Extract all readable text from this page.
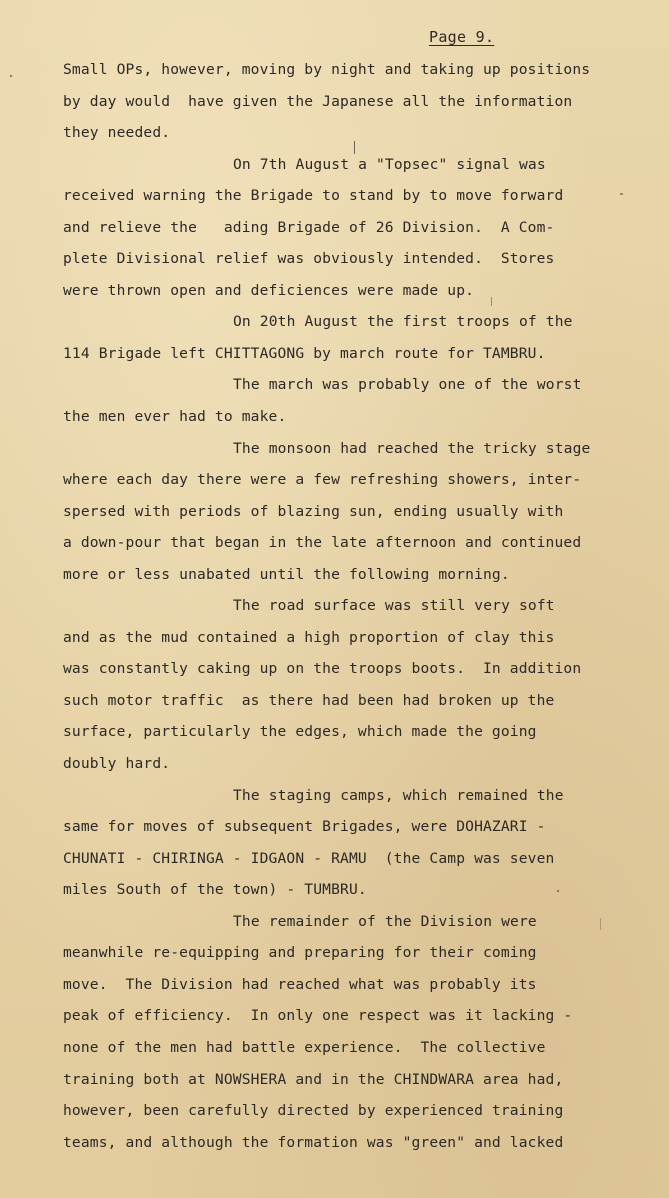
Page 9.
Small OPs, however, moving by night and taking up positions
by day would  have given the Japanese all the information
they needed.
On 7th August a "Topsec" signal was
received warning the Brigade to stand by to move forward
and relieve the   ading Brigade of 26 Division.  A Com-
plete Divisional relief was obviously intended.  Stores
were thrown open and deficiences were made up.
On 20th August the first troops of the
114 Brigade left CHITTAGONG by march route for TAMBRU.
The march was probably one of the worst
the men ever had to make.
The monsoon had reached the tricky stage
where each day there were a few refreshing showers, inter-
spersed with periods of blazing sun, ending usually with
a down-pour that began in the late afternoon and continued
more or less unabated until the following morning.
The road surface was still very soft
and as the mud contained a high proportion of clay this
was constantly caking up on the troops boots.  In addition
such motor traffic  as there had been had broken up the
surface, particularly the edges, which made the going
doubly hard.
The staging camps, which remained the
same for moves of subsequent Brigades, were DOHAZARI -
CHUNATI - CHIRINGA - IDGAON - RAMU  (the Camp was seven
miles South of the town) - TUMBRU.
The remainder of the Division were
meanwhile re-equipping and preparing for their coming
move.  The Division had reached what was probably its
peak of efficiency.  In only one respect was it lacking -
none of the men had battle experience.  The collective
training both at NOWSHERA and in the CHINDWARA area had,
however, been carefully directed by experienced training
teams, and although the formation was "green" and lacked
